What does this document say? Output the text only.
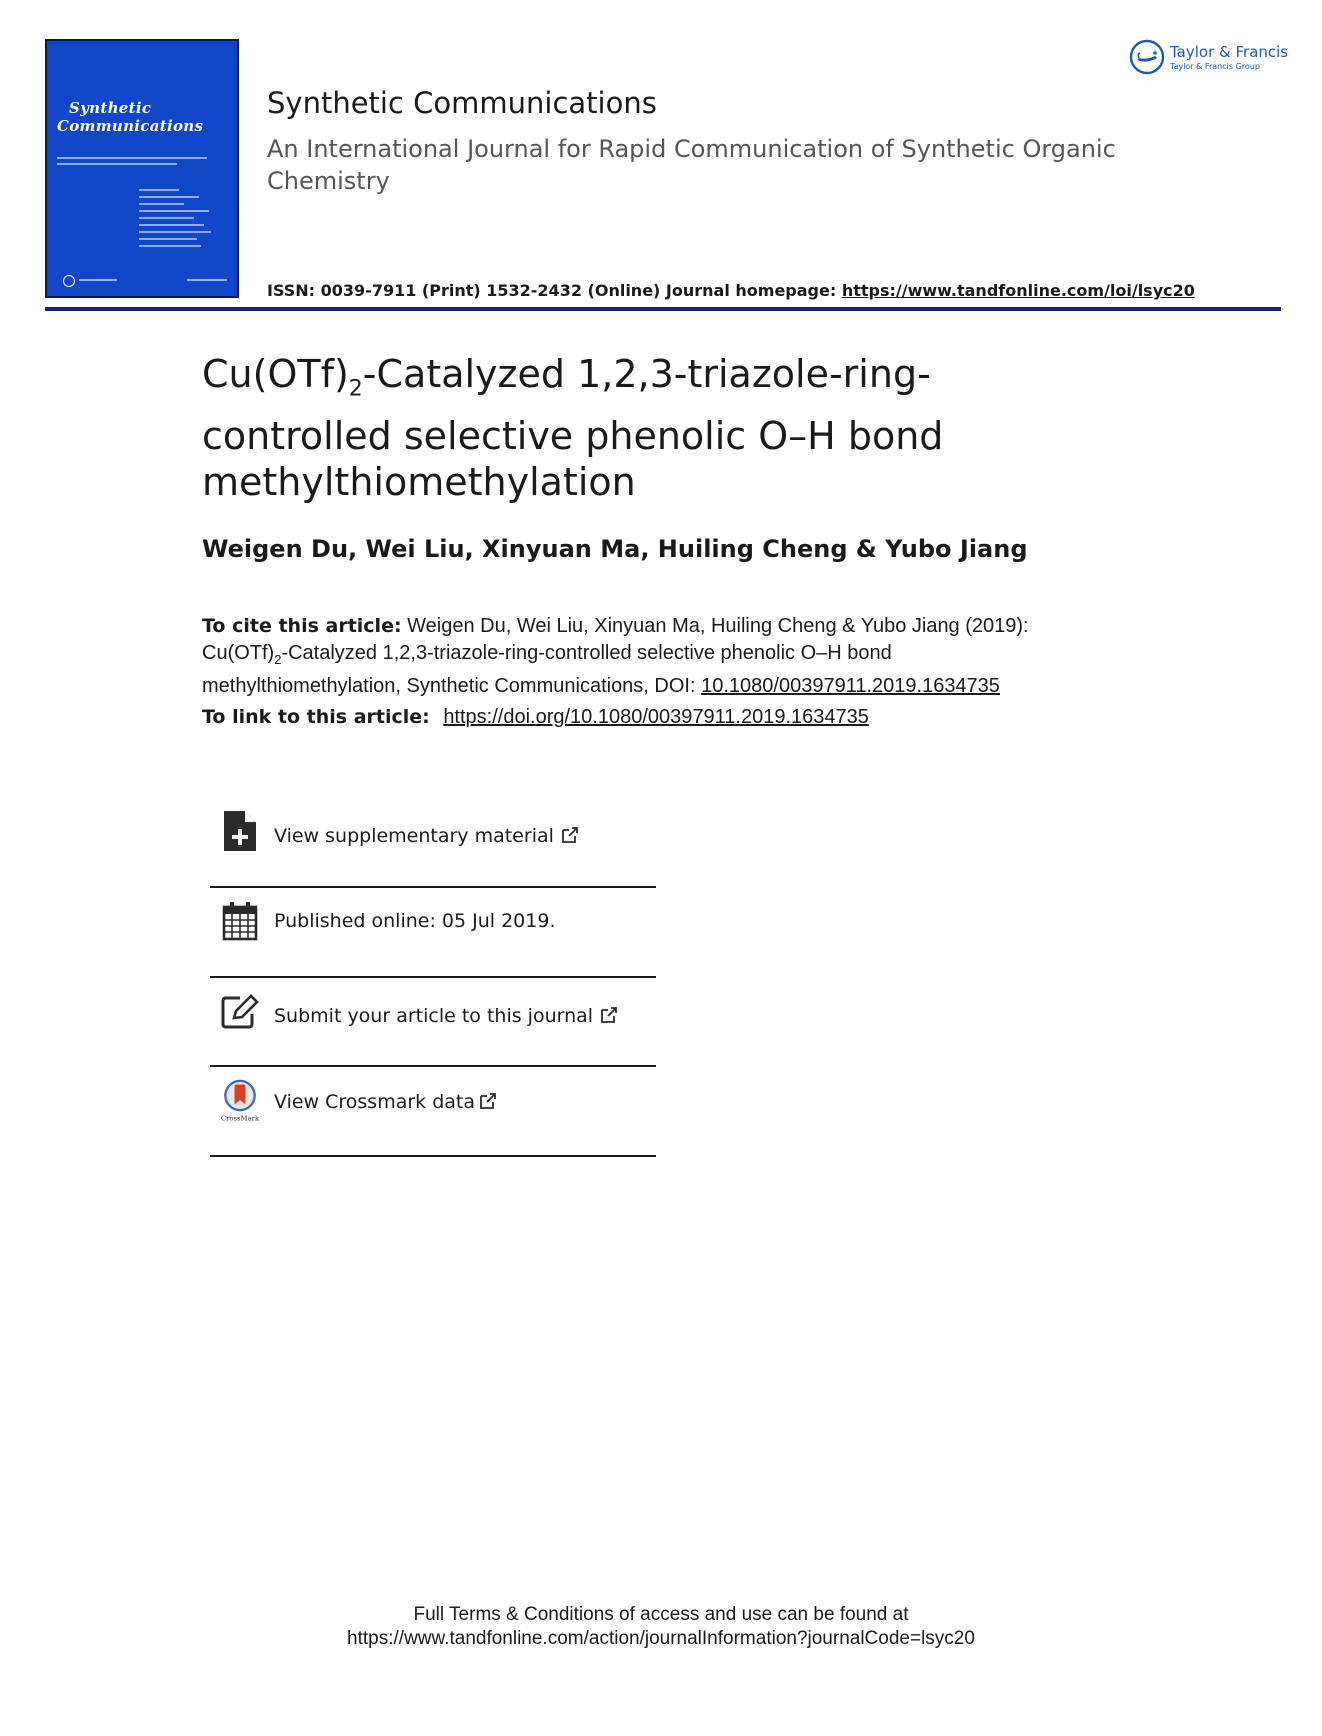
Synthetic
Communications
Synthetic Communications
An International Journal for Rapid Communication of Synthetic Organic Chemistry
ISSN: 0039-7911 (Print) 1532-2432 (Online) Journal homepage: https://www.tandfonline.com/loi/lsyc20
Taylor & Francis
Taylor & Francis Group
$Cu(OTf)_2$-Catalyzed 1,2,3-triazole-ring-controlled selective phenolic O–H bond methylthiomethylation
Weigen Du, Wei Liu, Xinyuan Ma, Huiling Cheng & Yubo Jiang
To cite this article: Weigen Du, Wei Liu, Xinyuan Ma, Huiling Cheng & Yubo Jiang (2019): $Cu(OTf)_2$-Catalyzed 1,2,3-triazole-ring-controlled selective phenolic O–H bond methylthiomethylation, Synthetic Communications, DOI: 10.1080/00397911.2019.1634735
To link to this article: https://doi.org/10.1080/00397911.2019.1634735
View supplementary material
Published online: 05 Jul 2019.
Submit your article to this journal
CrossMark
View Crossmark data
Full Terms & Conditions of access and use can be found at
https://www.tandfonline.com/action/journalInformation?journalCode=lsyc20
